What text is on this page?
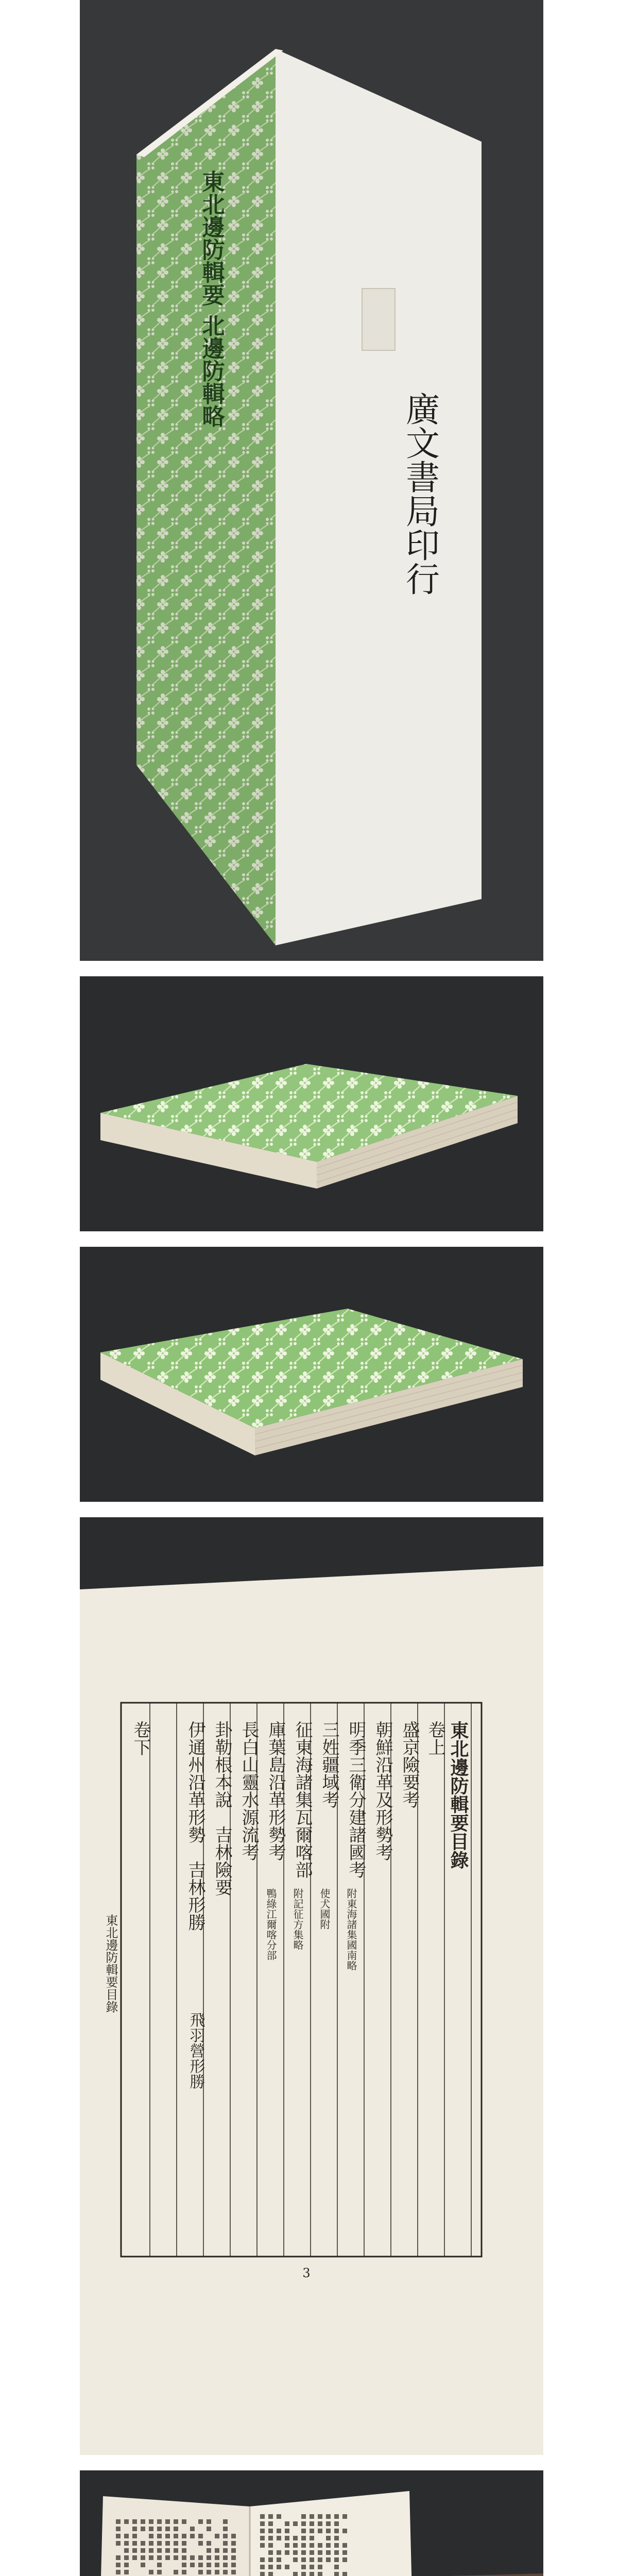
東北邊防輯要 北邊防輯略
廣文書局印行
東北邊防輯要目錄
卷上
盛京險要考
朝鮮沿革及形勢考
明季三衛分建諸國考
三姓疆域考
征東海諸集瓦爾喀部
庫葉島沿革形勢考
長白山靈水源流考
卦勒根本說　吉林險要
伊通州沿革形勢　吉林形勝	附東海諸集國南略
使犬國附
附記征方集略
鴨綠江爾喀分部
飛羽營形勝
卷下
東北邊防輯要目錄
3
